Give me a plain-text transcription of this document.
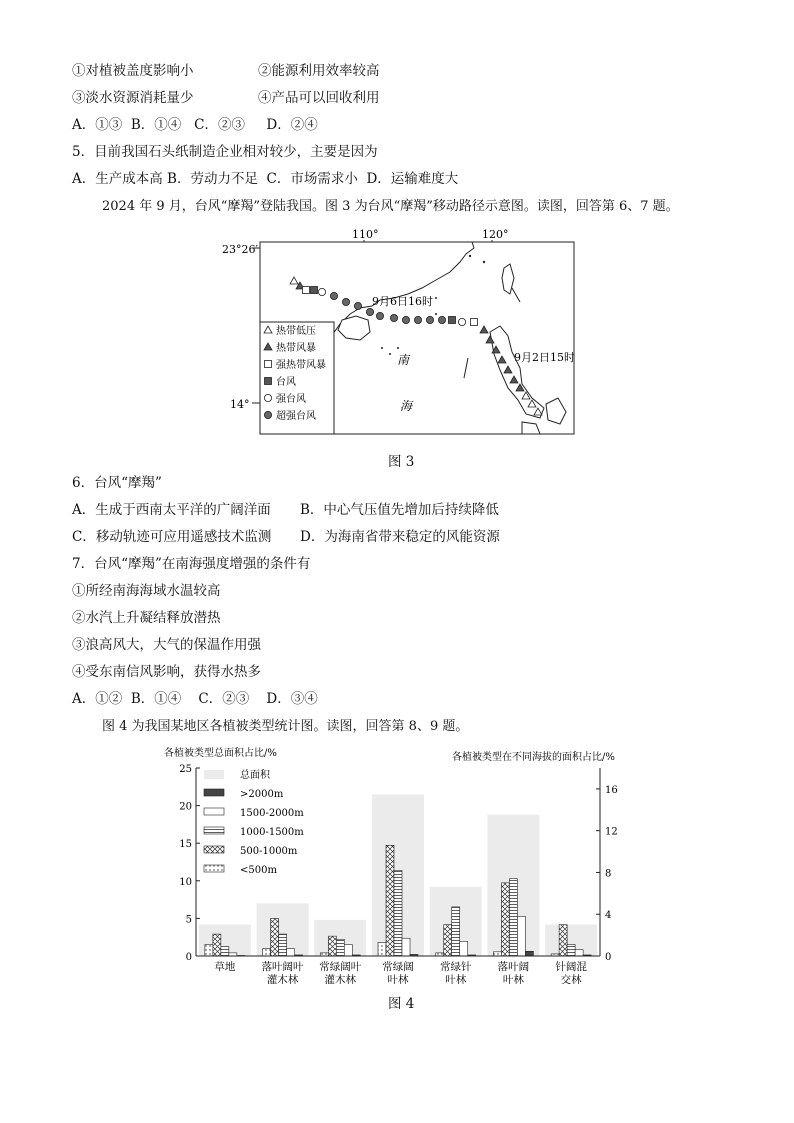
①对植被盖度影响小	②能源利用效率较高
③淡水资源消耗量少	④产品可以回收利用
A．①③  B．①④   C．②③     D．②④
5．目前我国石头纸制造企业相对较少，主要是因为
A．生产成本高 B．劳动力不足  C．市场需求小  D．运输难度大
2024 年 9 月，台风“摩羯”登陆我国。图 3 为台风“摩羯”移动路径示意图。读图，回答第 6、7 题。
23°26′
14°
110°	120°
南
海
9月6日16时
9月2日15时
热带低压
热带风暴
强热带风暴
台风
强台风
超强台风
图 3
6．台风“摩羯”
A．生成于西南太平洋的广阔洋面 B．中心气压值先增加后持续降低
C．移动轨迹可应用遥感技术监测 D．为海南省带来稳定的风能资源
7．台风“摩羯”在南海强度增强的条件有
①所经南海海域水温较高
②水汽上升凝结释放潜热
③浪高风大，大气的保温作用强
④受东南信风影响，获得水热多
A．①②  B．①④    C．②③    D．③④
图 4 为我国某地区各植被类型统计图。读图，回答第 8、9 题。
各植被类型总面积占比/%	各植被类型在不同海拔的面积占比/%
0
5
10
15
20
25
0
4
8
12
16
总面积
>2000m
1500-2000m
1000-1500m
500-1000m
<500m
草地 落叶阔叶
灌木林
常绿阔叶
灌木林
常绿阔
叶林
常绿针
叶林
落叶阔
叶林
针阔混
交林
图 4
